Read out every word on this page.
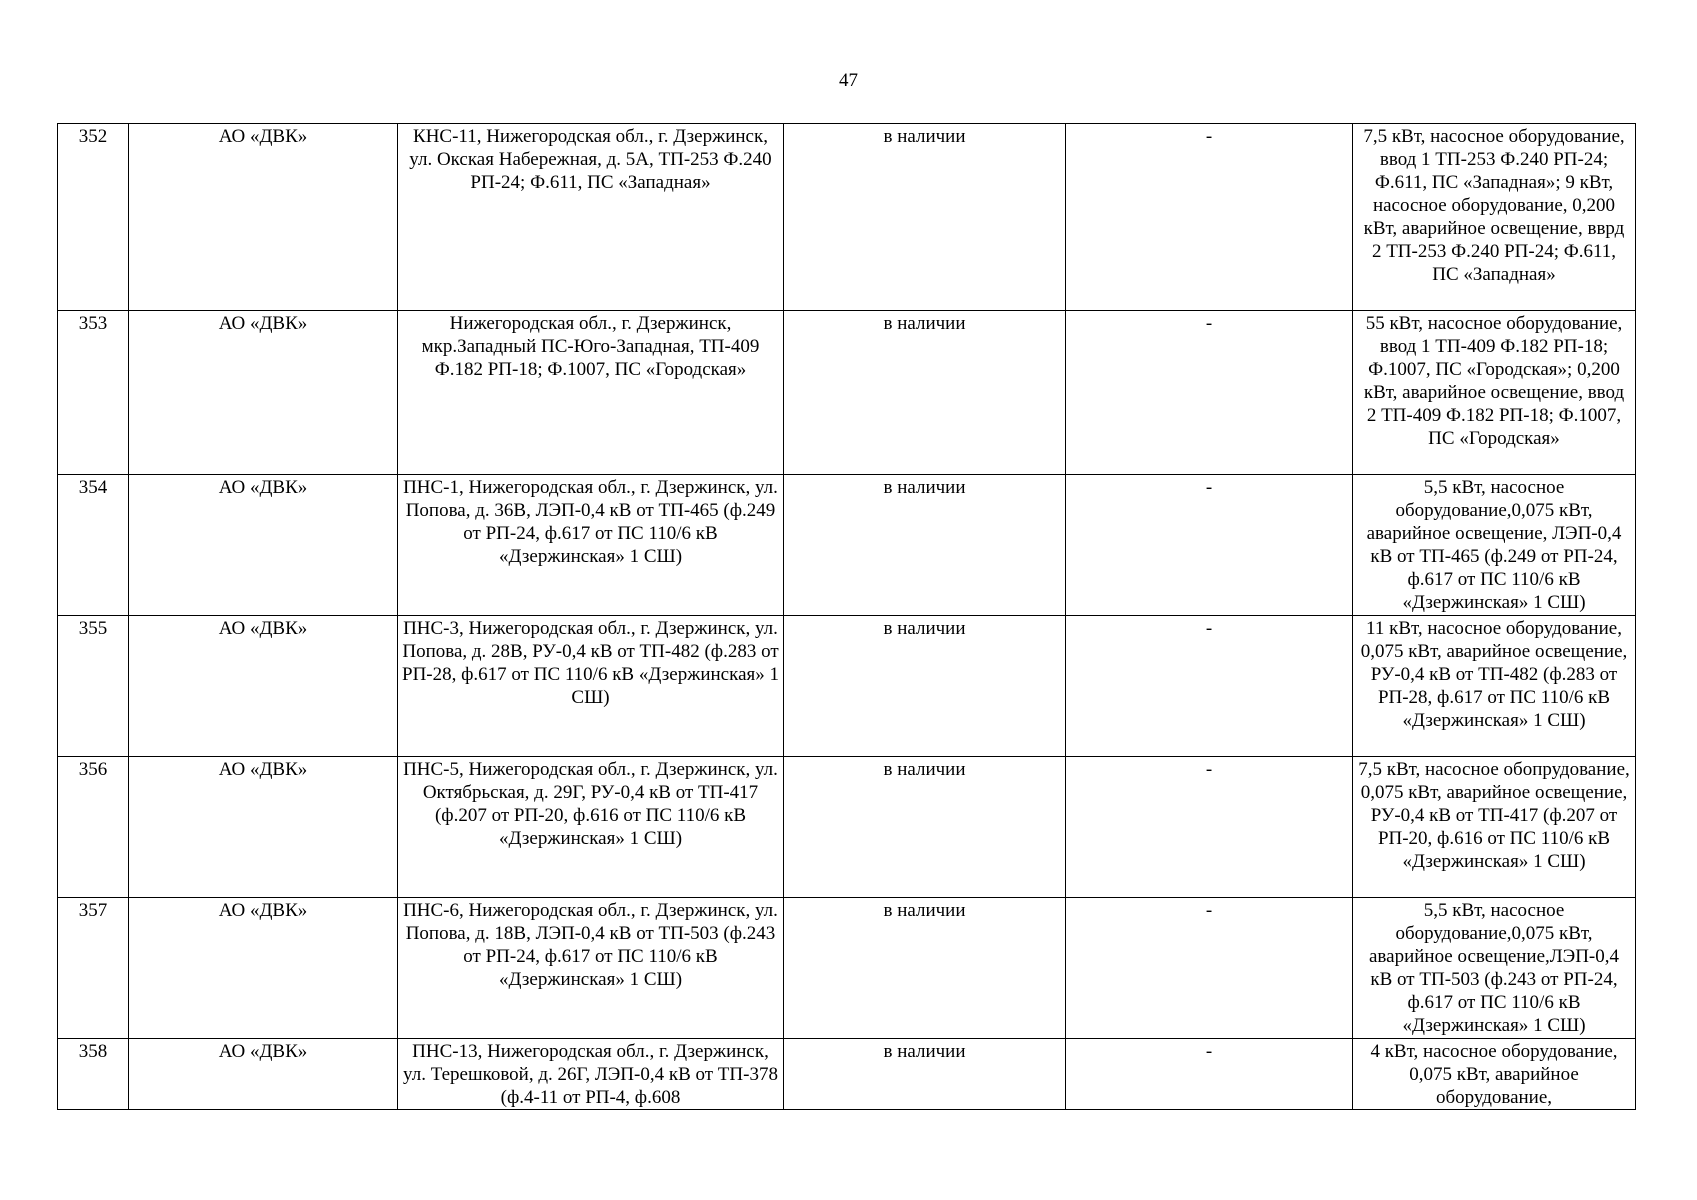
47
352	АО «ДВК»	КНС-11, Нижегородская обл., г. Дзержинск, ул. Окская Набережная, д. 5А, ТП-253 Ф.240 РП-24; Ф.611, ПС «Западная»	в наличии	-	7,5 кВт, насосное оборудование, ввод 1 ТП-253 Ф.240 РП-24; Ф.611, ПС «Западная»; 9 кВт, насосное оборудование, 0,200 кВт, аварийное освещение, вврд 2 ТП-253 Ф.240 РП-24; Ф.611, ПС «Западная»
353	АО «ДВК»	Нижегородская обл., г. Дзержинск, мкр.Западный ПС-Юго-Западная, ТП-409 Ф.182 РП-18; Ф.1007, ПС «Городская»	в наличии	-	55 кВт, насосное оборудование, ввод 1 ТП-409 Ф.182 РП-18; Ф.1007, ПС «Городская»; 0,200 кВт, аварийное освещение, ввод 2 ТП-409 Ф.182 РП-18; Ф.1007, ПС «Городская»
354	АО «ДВК»	ПНС-1, Нижегородская обл., г. Дзержинск, ул. Попова, д. 36В, ЛЭП-0,4 кВ от ТП-465 (ф.249 от РП-24, ф.617 от ПС 110/6 кВ «Дзержинская» 1 СШ)	в наличии	-	5,5 кВт, насосное оборудование,0,075 кВт, аварийное освещение, ЛЭП-0,4 кВ от ТП-465 (ф.249 от РП-24, ф.617 от ПС 110/6 кВ «Дзержинская» 1 СШ)
355	АО «ДВК»	ПНС-3, Нижегородская обл., г. Дзержинск, ул. Попова, д. 28В, РУ-0,4 кВ от ТП-482 (ф.283 от РП-28, ф.617 от ПС 110/6 кВ «Дзержинская» 1 СШ)	в наличии	-	11 кВт, насосное оборудование, 0,075 кВт, аварийное освещение, РУ-0,4 кВ от ТП-482 (ф.283 от РП-28, ф.617 от ПС 110/6 кВ «Дзержинская» 1 СШ)
356	АО «ДВК»	ПНС-5, Нижегородская обл., г. Дзержинск, ул. Октябрьская, д. 29Г, РУ-0,4 кВ от ТП-417 (ф.207 от РП-20, ф.616 от ПС 110/6 кВ «Дзержинская» 1 СШ)	в наличии	-	7,5 кВт, насосное обопрудование, 0,075 кВт, аварийное освещение, РУ-0,4 кВ от ТП-417 (ф.207 от РП-20, ф.616 от ПС 110/6 кВ «Дзержинская» 1 СШ)
357	АО «ДВК»	ПНС-6, Нижегородская обл., г. Дзержинск, ул. Попова, д. 18В, ЛЭП-0,4 кВ от ТП-503 (ф.243 от РП-24, ф.617 от ПС 110/6 кВ «Дзержинская» 1 СШ)	в наличии	-	5,5 кВт, насосное оборудование,0,075 кВт, аварийное освещение,ЛЭП-0,4 кВ от ТП-503 (ф.243 от РП-24, ф.617 от ПС 110/6 кВ «Дзержинская» 1 СШ)
358	АО «ДВК»	ПНС-13, Нижегородская обл., г. Дзержинск, ул. Терешковой, д. 26Г, ЛЭП-0,4 кВ от ТП-378 (ф.4-11 от РП-4, ф.608	в наличии	-	4 кВт, насосное оборудование, 0,075 кВт, аварийное оборудование,
